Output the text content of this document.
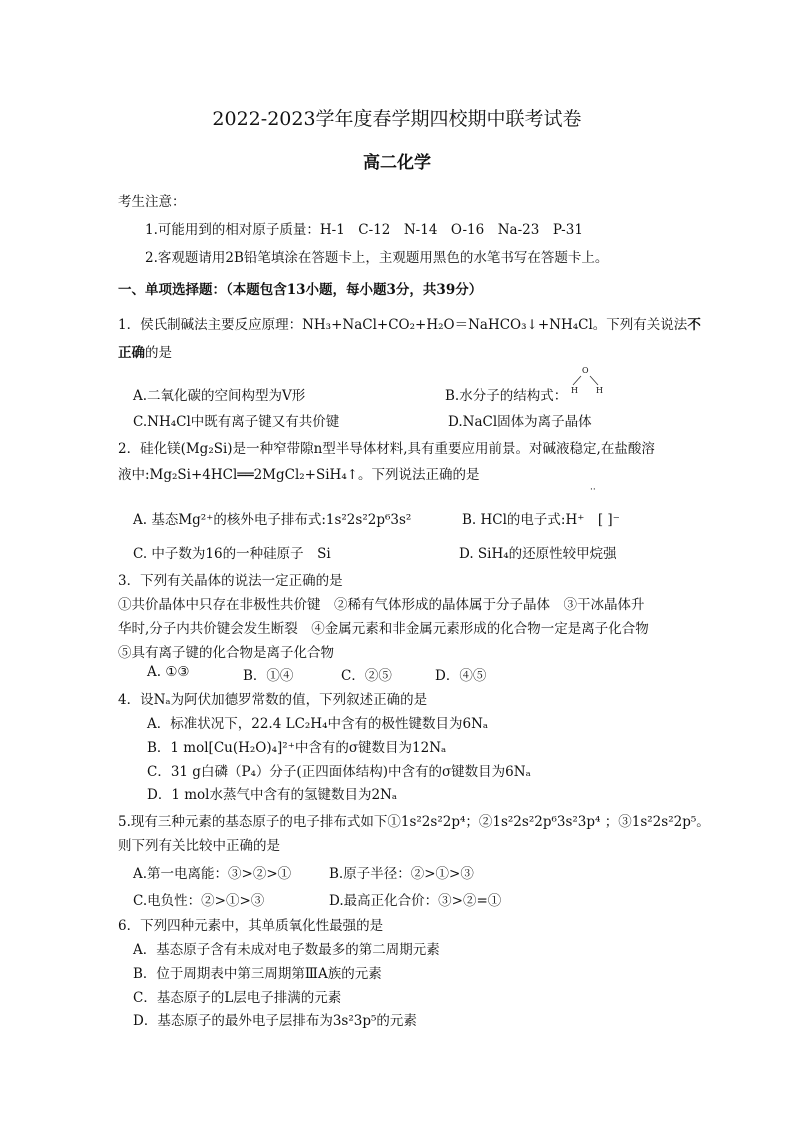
2022-2023学年度春学期四校期中联考试卷
高二化学
考生注意：
1.可能用到的相对原子质量：H-1　C-12　N-14　O-16　Na-23　P-31
2.客观题请用2B铅笔填涂在答题卡上，主观题用黑色的水笔书写在答题卡上。
一、单项选择题：（本题包含13小题，每小题3分，共39分）
1．侯氏制碱法主要反应原理：NH₃+NaCl+CO₂+H₂O＝NaHCO₃↓+NH₄Cl。下列有关说法不
正确的是
A.二氧化碳的空间构型为V形	B.水分子的结构式：
O
H H
C.NH₄Cl中既有离子键又有共价键	D.NaCl固体为离子晶体
2．硅化镁(Mg₂Si)是一种窄带隙n型半导体材料,具有重要应用前景。对碱液稳定,在盐酸溶
液中:Mg₂Si+4HCl══2MgCl₂+SiH₄↑。下列说法正确的是
··
A. 基态Mg²⁺的核外电子排布式:1s²2s²2p⁶3s²	B. HCl的电子式:H⁺　[ ]⁻
C. 中子数为16的一种硅原子　Si	D. SiH₄的还原性较甲烷强
3．下列有关晶体的说法一定正确的是
①共价晶体中只存在非极性共价键　②稀有气体形成的晶体属于分子晶体　③干冰晶体升
华时,分子内共价键会发生断裂　④金属元素和非金属元素形成的化合物一定是离子化合物
⑤具有离子键的化合物是离子化合物
A. ①③	B．①④	C．②⑤	D．④⑤
4．设Nₐ为阿伏加德罗常数的值，下列叙述正确的是
A．标准状况下，22.4 LC₂H₄中含有的极性键数目为6Nₐ
B．1 mol[Cu(H₂O)₄]²⁺中含有的σ键数目为12Nₐ
C．31 g白磷（P₄）分子(正四面体结构)中含有的σ键数目为6Nₐ
D．1 mol水蒸气中含有的氢键数目为2Nₐ
5.现有三种元素的基态原子的电子排布式如下①1s²2s²2p⁴；②1s²2s²2p⁶3s²3p⁴ ；③1s²2s²2p⁵。
则下列有关比较中正确的是
A.第一电离能：③>②>①	B.原子半径：②>①>③
C.电负性：②>①>③	D.最高正化合价：③>②=①
6．下列四种元素中，其单质氧化性最强的是
A．基态原子含有未成对电子数最多的第二周期元素
B．位于周期表中第三周期第ⅢA族的元素
C．基态原子的L层电子排满的元素
D．基态原子的最外电子层排布为3s²3p⁵的元素
